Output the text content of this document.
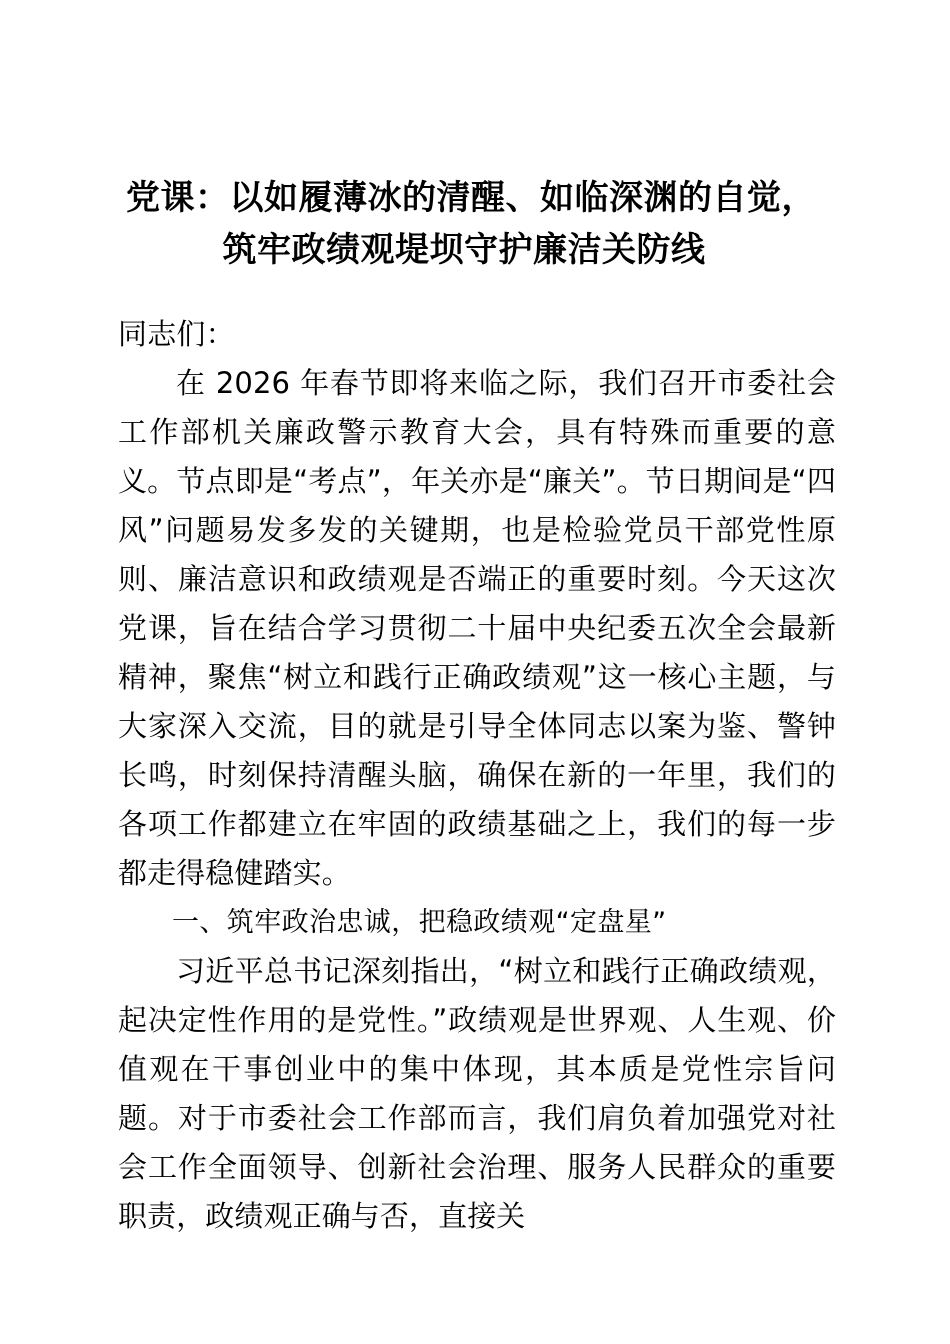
党课：以如履薄冰的清醒、如临深渊的自觉，
筑牢政绩观堤坝守护廉洁关防线

同志们：

在 2026 年春节即将来临之际，我们召开市委社会工作部机关廉政警示教育大会，具有特殊而重要的意义。节点即是“考点”，年关亦是“廉关”。节日期间是“四风”问题易发多发的关键期，也是检验党员干部党性原则、廉洁意识和政绩观是否端正的重要时刻。今天这次党课，旨在结合学习贯彻二十届中央纪委五次全会最新精神，聚焦“树立和践行正确政绩观”这一核心主题，与大家深入交流，目的就是引导全体同志以案为鉴、警钟长鸣，时刻保持清醒头脑，确保在新的一年里，我们的各项工作都建立在牢固的政绩基础之上，我们的每一步都走得稳健踏实。

一、筑牢政治忠诚，把稳政绩观“定盘星”

习近平总书记深刻指出，“树立和践行正确政绩观，起决定性作用的是党性。”政绩观是世界观、人生观、价值观在干事创业中的集中体现，其本质是党性宗旨问题。对于市委社会工作部而言，我们肩负着加强党对社会工作全面领导、创新社会治理、服务人民群众的重要职责，政绩观正确与否，直接关
